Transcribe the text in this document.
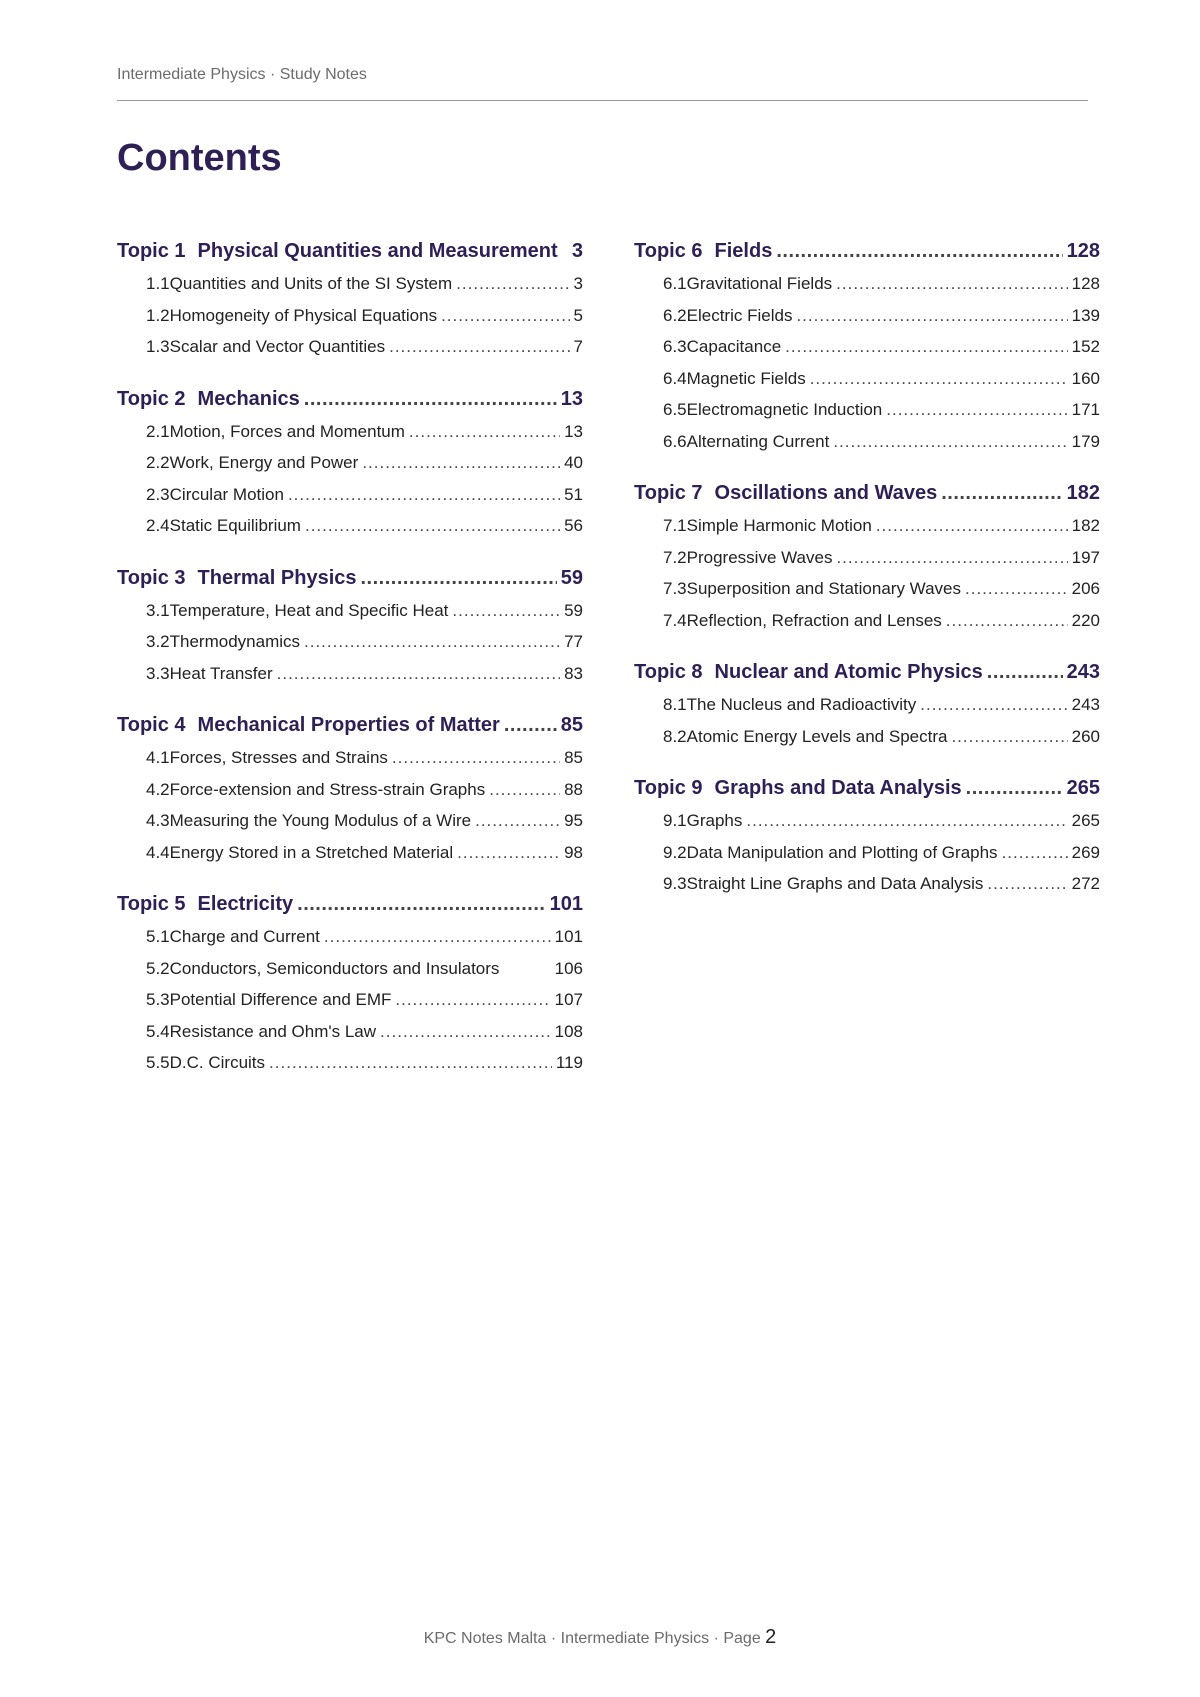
Intermediate Physics · Study Notes
Contents
Topic 1 Physical Quantities and Measurement 3
1.1 Quantities and Units of the SI System .....	3
1.2 Homogeneity of Physical Equations .....	5
1.3 Scalar and Vector Quantities .....	7
Topic 2 Mechanics .....	13
2.1 Motion, Forces and Momentum .....	13
2.2 Work, Energy and Power .....	40
2.3 Circular Motion .....	51
2.4 Static Equilibrium .....	56
Topic 3 Thermal Physics .....	59
3.1 Temperature, Heat and Specific Heat .....	59
3.2 Thermodynamics .....	77
3.3 Heat Transfer .....	83
Topic 4 Mechanical Properties of Matter .....	85
4.1 Forces, Stresses and Strains .....	85
4.2 Force-extension and Stress-strain Graphs .....	88
4.3 Measuring the Young Modulus of a Wire .....	95
4.4 Energy Stored in a Stretched Material .....	98
Topic 5 Electricity .....	101
5.1 Charge and Current .....	101
5.2 Conductors, Semiconductors and Insulators	106
5.3 Potential Difference and EMF .....	107
5.4 Resistance and Ohm's Law .....	108
5.5 D.C. Circuits .....	119
Topic 6 Fields .....	128
6.1 Gravitational Fields .....	128
6.2 Electric Fields .....	139
6.3 Capacitance .....	152
6.4 Magnetic Fields .....	160
6.5 Electromagnetic Induction .....	171
6.6 Alternating Current .....	179
Topic 7 Oscillations and Waves .....	182
7.1 Simple Harmonic Motion .....	182
7.2 Progressive Waves .....	197
7.3 Superposition and Stationary Waves .....	206
7.4 Reflection, Refraction and Lenses .....	220
Topic 8 Nuclear and Atomic Physics .....	243
8.1 The Nucleus and Radioactivity .....	243
8.2 Atomic Energy Levels and Spectra .....	260
Topic 9 Graphs and Data Analysis .....	265
9.1 Graphs .....	265
9.2 Data Manipulation and Plotting of Graphs .....	269
9.3 Straight Line Graphs and Data Analysis .....	272
KPC Notes Malta · Intermediate Physics · Page 2
